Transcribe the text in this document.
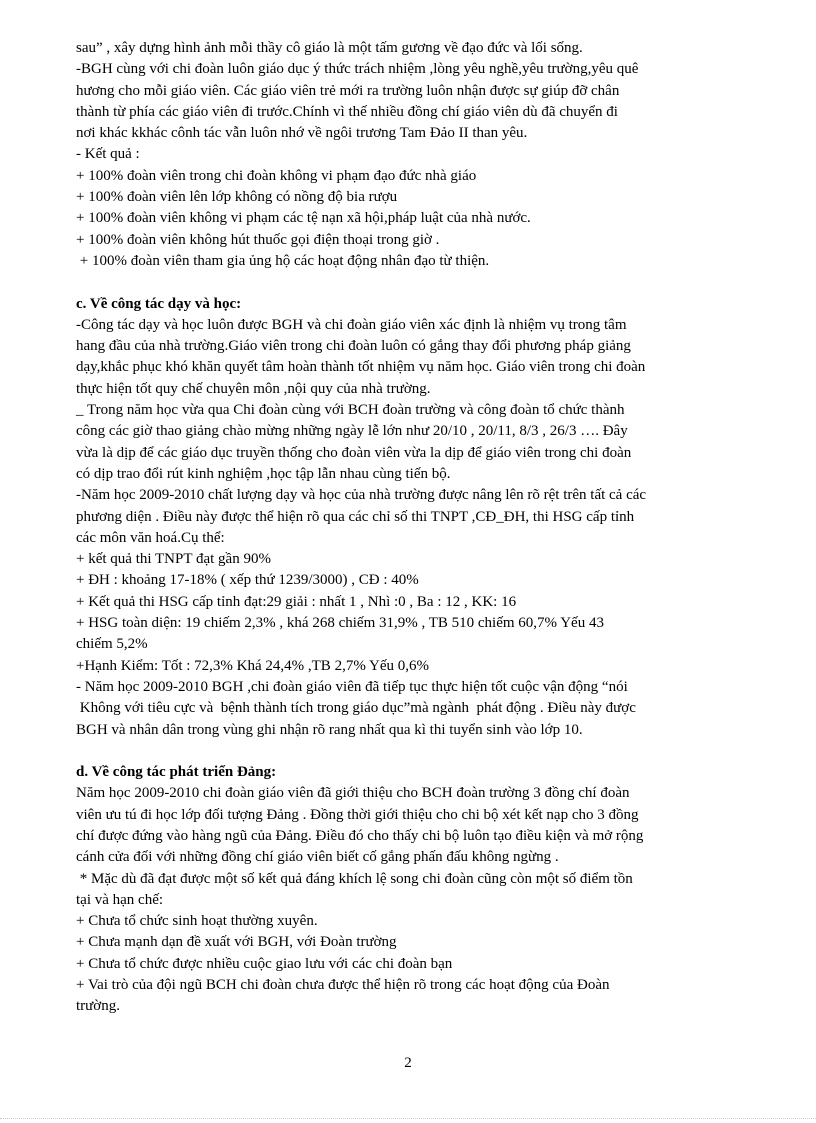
sau” , xây dựng hình ảnh mỗi thầy cô giáo là một tấm gương về đạo đức và lối sống.
-BGH cùng với chi đoàn luôn giáo dục ý thức trách nhiệm ,lòng yêu nghề,yêu trường,yêu quê
hương cho mỗi giáo viên. Các giáo viên trẻ mới ra trường luôn nhận được sự giúp đỡ chân
thành từ phía các giáo viên đi trước.Chính vì thế nhiều đồng chí giáo viên dù đã chuyển đi
nơi khác kkhác cônh tác vẫn luôn nhớ về ngôi trương Tam Đảo II than yêu.
- Kết quả :
+ 100% đoàn viên trong chi đoàn không vi phạm đạo đức nhà giáo
+ 100% đoàn viên lên lớp không có nồng độ bia rượu
+ 100% đoàn viên không vi phạm các tệ nạn xã hội,pháp luật của nhà nước.
+ 100% đoàn viên không hút thuốc gọi điện thoại trong giờ .
+ 100% đoàn viên tham gia ủng hộ các hoạt động nhân đạo từ thiện.
c. Về công tác dạy và học:
-Công tác dạy và học luôn được BGH và chi đoàn giáo viên xác định là nhiệm vụ trong tâm
hang đầu của nhà trường.Giáo viên trong chi đoàn luôn có gắng thay đổi phương pháp giảng
dạy,khắc phục khó khăn quyết tâm hoàn thành tốt nhiệm vụ năm học. Giáo viên trong chi đoàn
thực hiện tốt quy chế chuyên môn ,nội quy của nhà trường.
_ Trong năm học vừa qua Chi đoàn cùng với BCH đoàn trường và công đoàn tổ chức thành
công các giờ thao giảng chào mừng những ngày lễ lớn như 20/10 , 20/11, 8/3 , 26/3 …. Đây
vừa là dịp để các giáo dục truyền thống cho đoàn viên vừa la dịp để giáo viên trong chi đoàn
có dịp trao đổi rút kinh nghiệm ,học tập lẫn nhau cùng tiến bộ.
-Năm học 2009-2010 chất lượng dạy và học của nhà trường được nâng lên rõ rệt trên tất cả các
phương diện . Điều này được thể hiện rõ qua các chỉ số thi TNPT ,CĐ_ĐH, thi HSG cấp tỉnh
các môn văn hoá.Cụ thể:
+ kết quả thi TNPT đạt gần 90%
+ ĐH : khoảng 17-18% ( xếp thứ 1239/3000) , CĐ : 40%
+ Kết quả thi HSG cấp tỉnh đạt:29 giải : nhất 1 , Nhì :0 , Ba : 12 , KK: 16
+ HSG toàn diện: 19 chiếm 2,3% , khá 268 chiếm 31,9% , TB 510 chiếm 60,7% Yếu 43
chiếm 5,2%
+Hạnh Kiểm: Tốt : 72,3% Khá 24,4% ,TB 2,7% Yếu 0,6%
- Năm học 2009-2010 BGH ,chi đoàn giáo viên đã tiếp tục thực hiện tốt cuộc vận động “nói
Không với tiêu cực và  bệnh thành tích trong giáo dục”mà ngành  phát động . Điều này được
BGH và nhân dân trong vùng ghi nhận rõ rang nhất qua kì thi tuyển sinh vào lớp 10.
d. Về công tác phát triển Đảng:
Năm học 2009-2010 chi đoàn giáo viên đã giới thiệu cho BCH đoàn trường 3 đồng chí đoàn
viên ưu tú đi học lớp đối tượng Đảng . Đồng thời giới thiệu cho chi bộ xét kết nạp cho 3 đồng
chí được đứng vào hàng ngũ của Đảng. Điều đó cho thấy chi bộ luôn tạo điều kiện và mở rộng
cánh cửa đối với những đồng chí giáo viên biết cố gắng phấn đấu không ngừng .
* Mặc dù đã đạt được một số kết quả đáng khích lệ song chi đoàn cũng còn một số điểm tồn
tại và hạn chế:
+ Chưa tổ chức sinh hoạt thường xuyên.
+ Chưa mạnh dạn đề xuất với BGH, với Đoàn trường
+ Chưa tổ chức được nhiều cuộc giao lưu với các chi đoàn bạn
+ Vai trò của đội ngũ BCH chi đoàn chưa được thể hiện rõ trong các hoạt động của Đoàn
trường.
2
